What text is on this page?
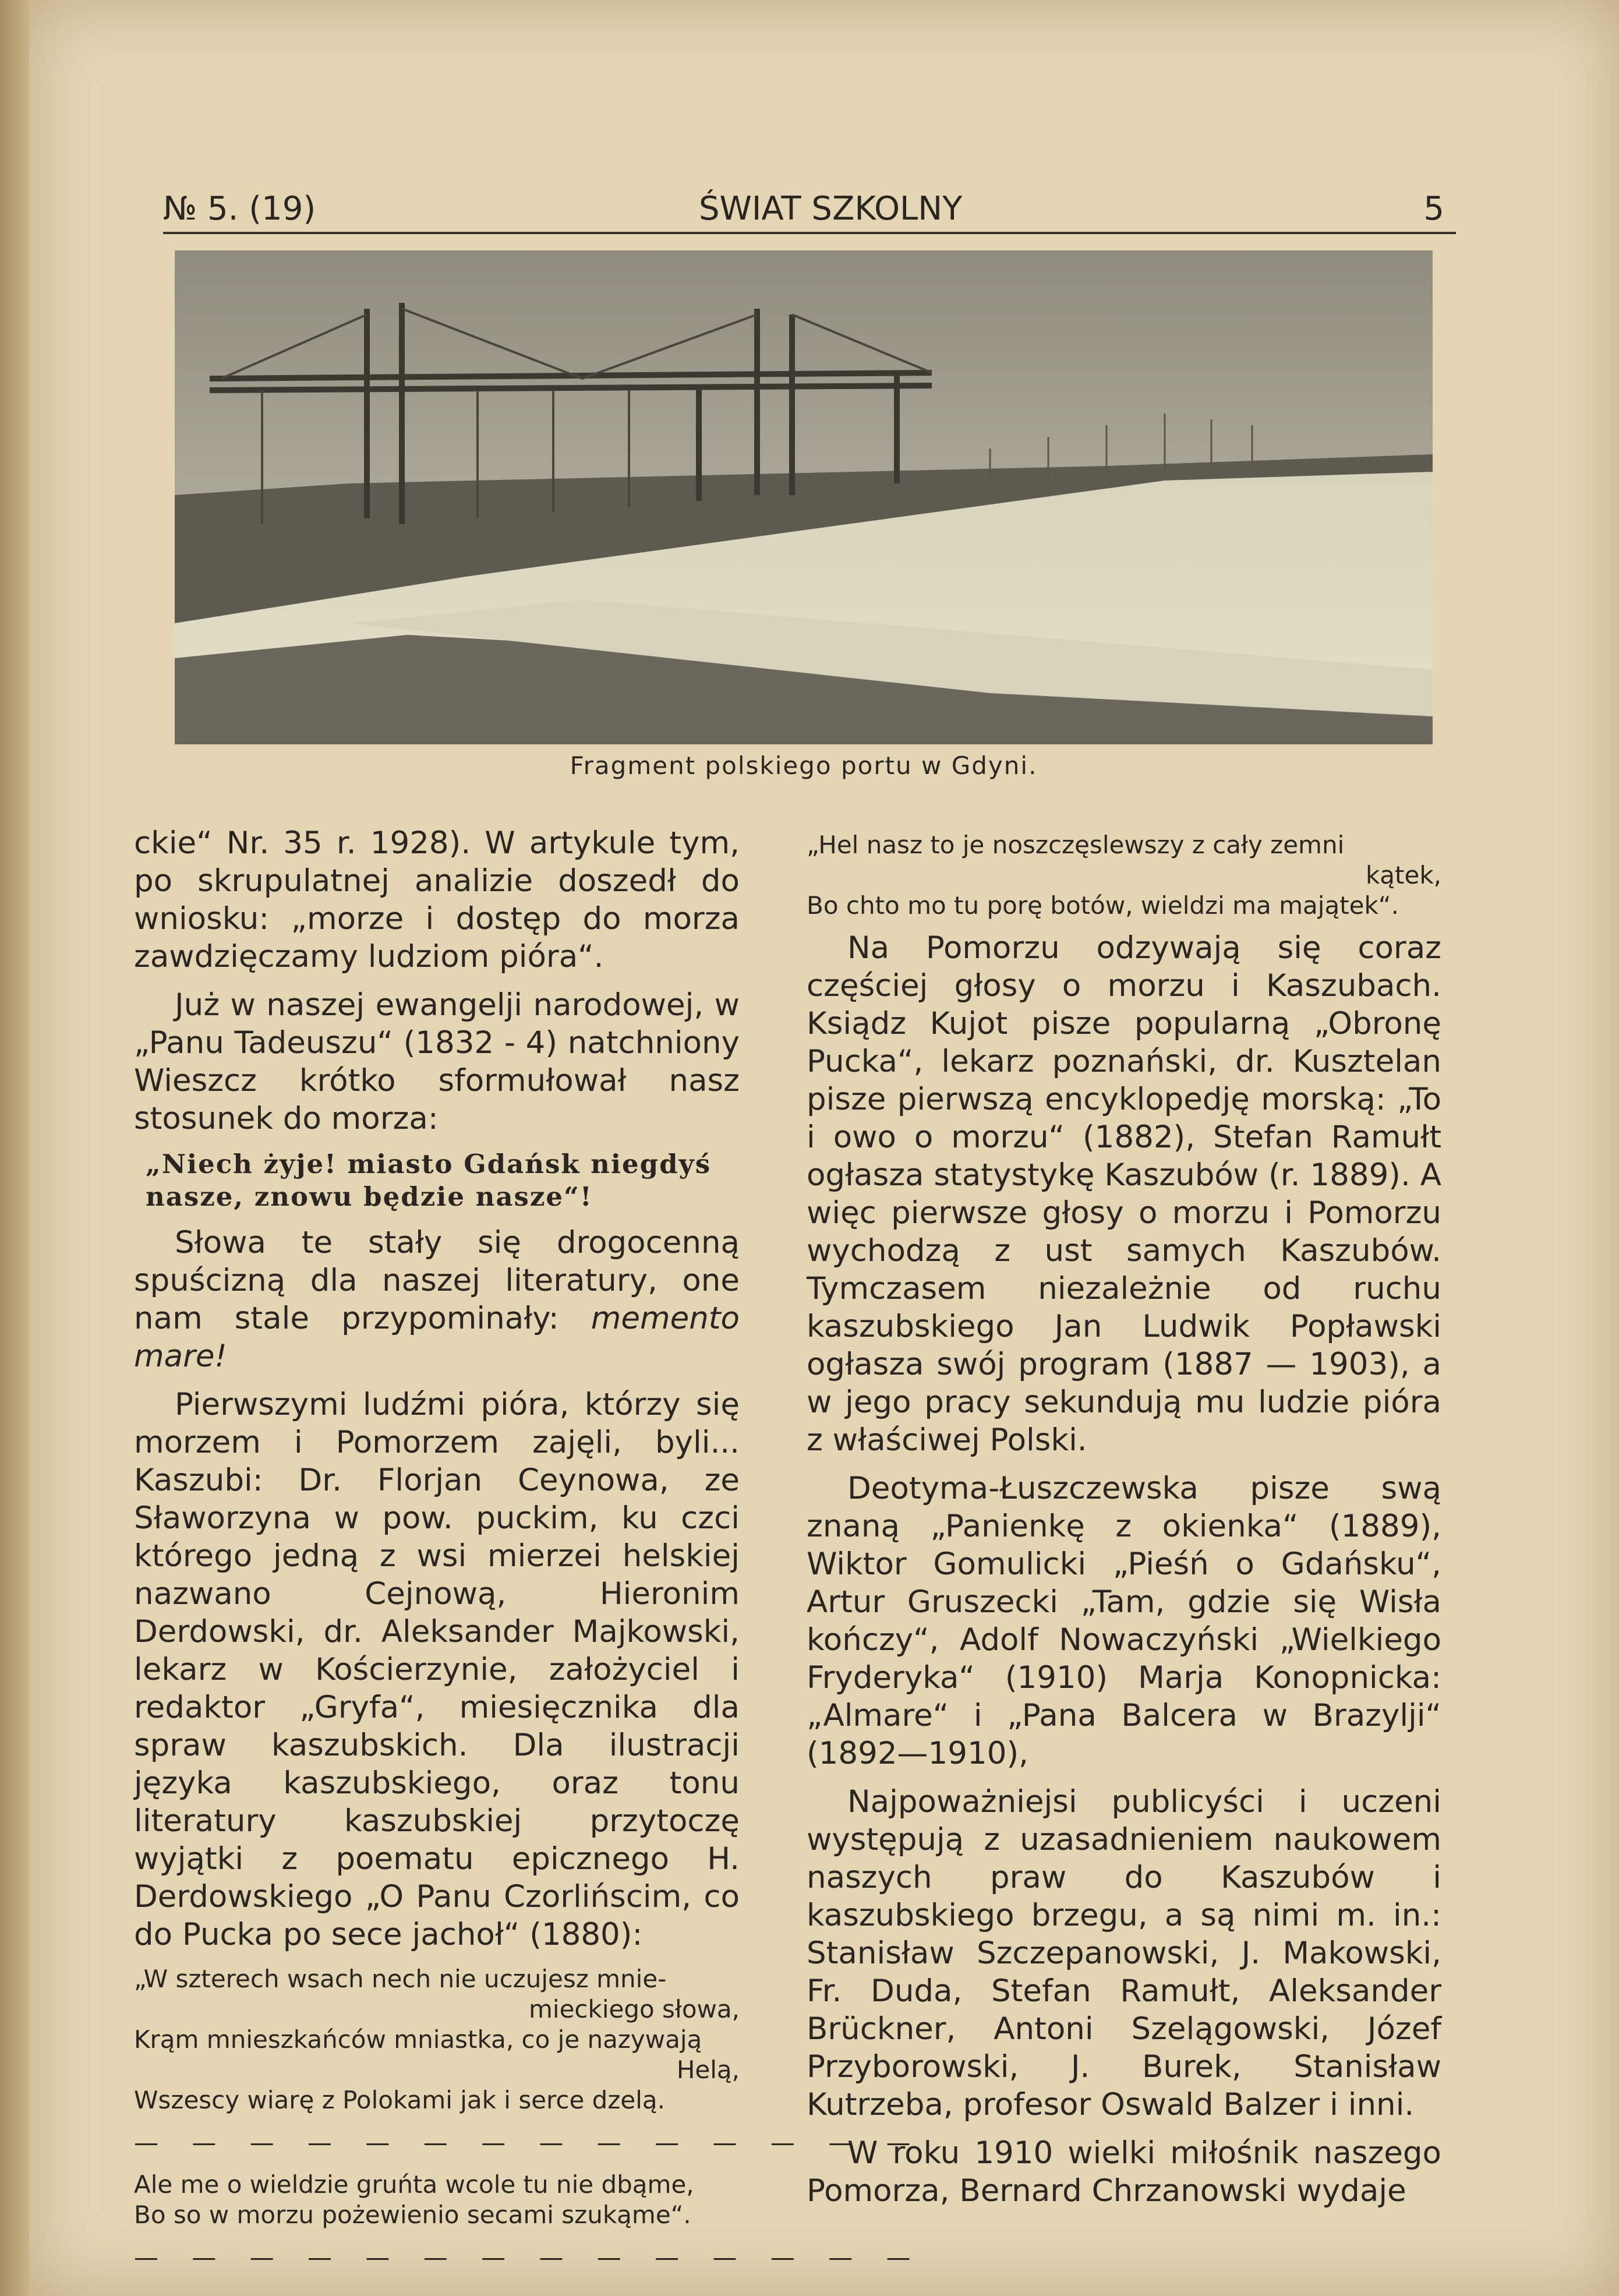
№ 5. (19)	ŚWIAT SZKOLNY	5
Fragment polskiego portu w Gdyni.

ckie“ Nr. 35 r. 1928). W artykule tym, po skrupulatnej analizie doszedł do wniosku: „morze i dostęp do morza zawdzięczamy ludziom pióra“.

Już w naszej ewangelji narodowej, w „Panu Tadeuszu“ (1832 - 4) natchniony Wieszcz krótko sformułował nasz stosunek do morza:

„Niech żyje! miasto Gdańsk niegdyś nasze, znowu będzie nasze“!

Słowa te stały się drogocenną spuścizną dla naszej literatury, one nam stale przypominały: memento mare!

Pierwszymi ludźmi pióra, którzy się morzem i Pomorzem zajęli, byli... Kaszubi: Dr. Florjan Ceynowa, ze Sławorzyna w pow. puckim, ku czci którego jedną z wsi mierzei helskiej nazwano Cejnową, Hieronim Derdowski, dr. Aleksander Majkowski, lekarz w Kościerzynie, założyciel i redaktor „Gryfa“, miesięcznika dla spraw kaszubskich. Dla ilustracji języka kaszubskiego, oraz tonu literatury kaszubskiej przytoczę wyjątki z poematu epicznego H. Derdowskiego „O Panu Czorlińscim, co do Pucka po sece jachoł“ (1880):

„W szterech wsach nech nie uczujesz mnie-
mieckiego słowa,
Krąm mnieszkańców mniastka, co je nazywają
Helą,
Wszescy wiarę z Polokami jak i serce dzelą.
— — — — — — — — — — — — — —
Ale me o wieldzie gruńta wcole tu nie dbąme,
Bo so w morzu pożewienio secami szukąme“.
— — — — — — — — — — — — — —
„Hel nasz to je noszczęslewszy z cały zemni
kątek,
Bo chto mo tu porę botów, wieldzi ma majątek“.

Na Pomorzu odzywają się coraz częściej głosy o morzu i Kaszubach. Ksiądz Kujot pisze popularną „Obronę Pucka“, lekarz poznański, dr. Kusztelan pisze pierwszą encyklopedję morską: „To i owo o morzu“ (1882), Stefan Ramułt ogłasza statystykę Kaszubów (r. 1889). A więc pierwsze głosy o morzu i Pomorzu wychodzą z ust samych Kaszubów. Tymczasem niezależnie od ruchu kaszubskiego Jan Ludwik Popławski ogłasza swój program (1887 — 1903), a w jego pracy sekundują mu ludzie pióra z właściwej Polski.

Deotyma-Łuszczewska pisze swą znaną „Panienkę z okienka“ (1889), Wiktor Gomulicki „Pieśń o Gdańsku“, Artur Gruszecki „Tam, gdzie się Wisła kończy“, Adolf Nowaczyński „Wielkiego Fryderyka“ (1910) Marja Konopnicka: „Almare“ i „Pana Balcera w Brazylji“ (1892—1910),

Najpoważniejsi publicyści i uczeni występują z uzasadnieniem naukowem naszych praw do Kaszubów i kaszubskiego brzegu, a są nimi m. in.: Stanisław Szczepanowski, J. Makowski, Fr. Duda, Stefan Ramułt, Aleksander Brückner, Antoni Szelągowski, Józef Przyborowski, J. Burek, Stanisław Kutrzeba, profesor Oswald Balzer i inni.

W roku 1910 wielki miłośnik naszego Pomorza, Bernard Chrzanowski wydaje
